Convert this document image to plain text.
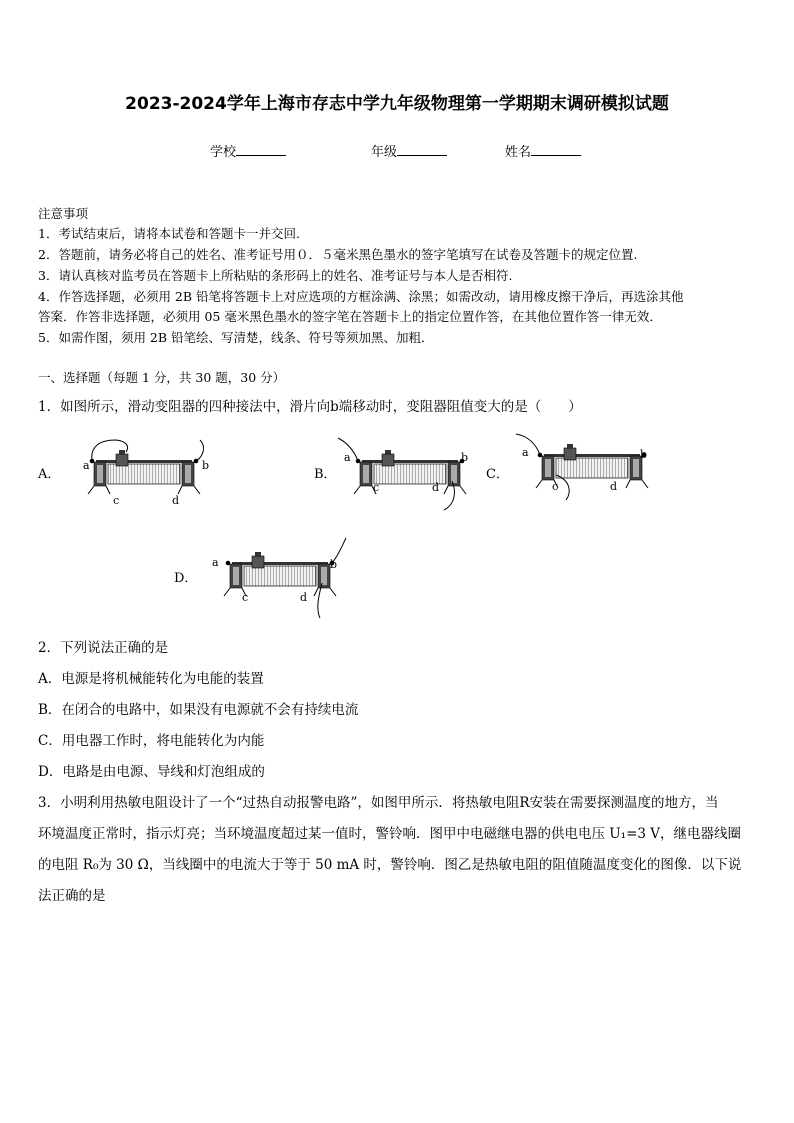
2023-2024学年上海市存志中学九年级物理第一学期期末调研模拟试题
学校	年级	姓名
注意事项
1．考试结束后，请将本试卷和答题卡一并交回.
2．答题前，请务必将自己的姓名、准考证号用０．５毫米黑色墨水的签字笔填写在试卷及答题卡的规定位置.
3．请认真核对监考员在答题卡上所粘贴的条形码上的姓名、准考证号与本人是否相符.
4．作答选择题，必须用 2B 铅笔将答题卡上对应选项的方框涂满、涂黑；如需改动，请用橡皮擦干净后，再选涂其他
答案．作答非选择题，必须用 05 毫米黑色墨水的签字笔在答题卡上的指定位置作答，在其他位置作答一律无效．
5．如需作图，须用 2B 铅笔绘、写清楚，线条、符号等须加黑、加粗．
一、选择题（每题 1 分，共 30 题，30 分）
1．如图所示，滑动变阻器的四种接法中，滑片向b端移动时，变阻器阻值变大的是（　　）
A．	B．	C．
D．
a	b
c	d
a	b
c	d
a	b
c	d
a	b
c	d
2．下列说法正确的是
A．电源是将机械能转化为电能的装置
B．在闭合的电路中，如果没有电源就不会有持续电流
C．用电器工作时，将电能转化为内能
D．电路是由电源、导线和灯泡组成的
3．小明利用热敏电阻设计了一个“过热自动报警电路”，如图甲所示．将热敏电阻R安装在需要探测温度的地方，当
环境温度正常时，指示灯亮；当环境温度超过某一值时，警铃响．图甲中电磁继电器的供电电压 U₁=3 V，继电器线圈
的电阻 R₀为 30 Ω，当线圈中的电流大于等于 50 mA 时，警铃响．图乙是热敏电阻的阻值随温度变化的图像．以下说
法正确的是
